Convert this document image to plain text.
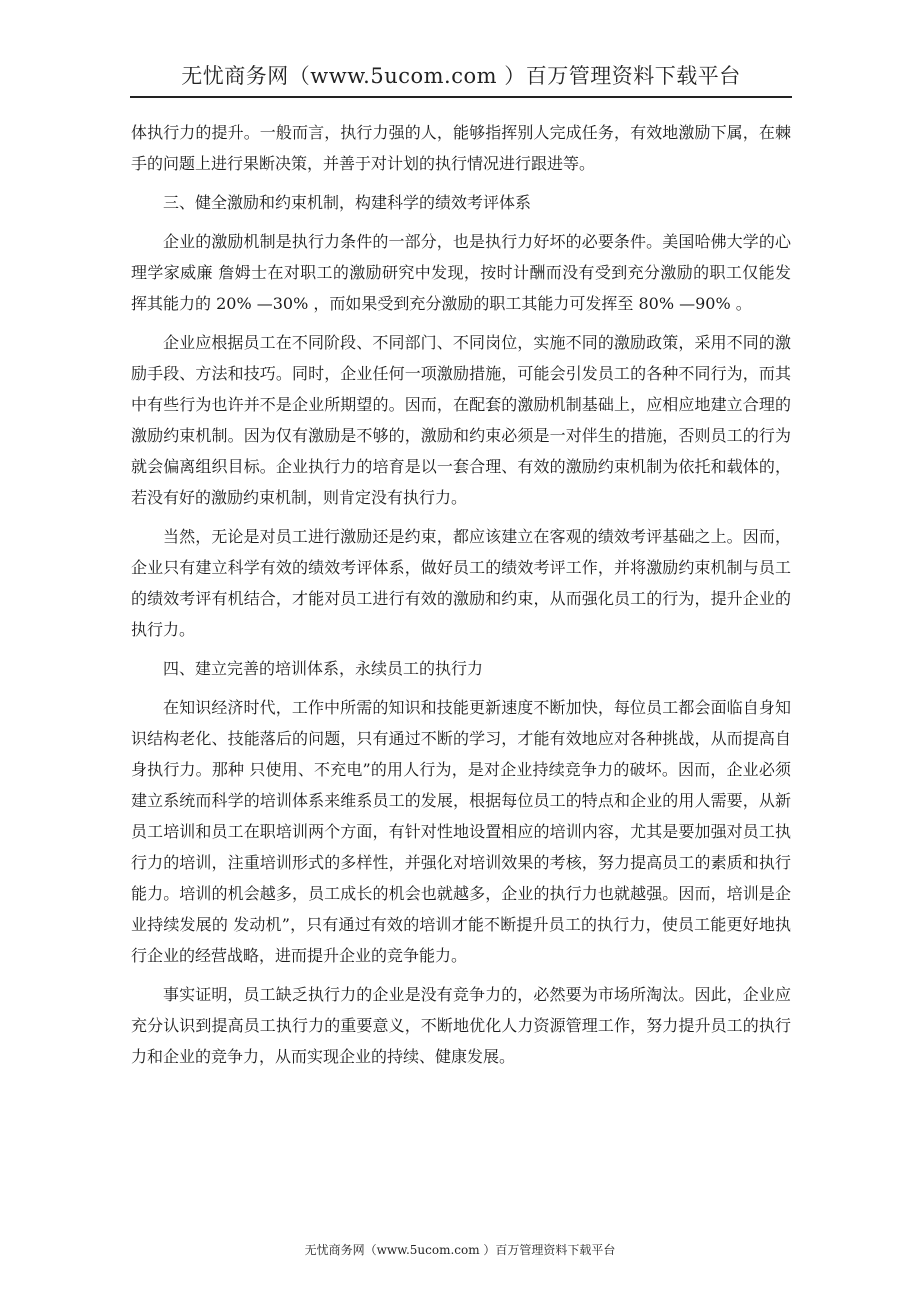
无忧商务网（www.5ucom.com ）百万管理资料下载平台

体执行力的提升。一般而言，执行力强的人，能够指挥别人完成任务，有效地激励下属，在棘手的问题上进行果断决策，并善于对计划的执行情况进行跟进等。

三、健全激励和约束机制，构建科学的绩效考评体系

企业的激励机制是执行力条件的一部分，也是执行力好坏的必要条件。美国哈佛大学的心理学家威廉 詹姆士在对职工的激励研究中发现，按时计酬而没有受到充分激励的职工仅能发挥其能力的 20% —30% ，而如果受到充分激励的职工其能力可发挥至 80% —90% 。

企业应根据员工在不同阶段、不同部门、不同岗位，实施不同的激励政策，采用不同的激励手段、方法和技巧。同时，企业任何一项激励措施，可能会引发员工的各种不同行为，而其中有些行为也许并不是企业所期望的。因而，在配套的激励机制基础上，应相应地建立合理的激励约束机制。因为仅有激励是不够的，激励和约束必须是一对伴生的措施，否则员工的行为就会偏离组织目标。企业执行力的培育是以一套合理、有效的激励约束机制为依托和载体的，若没有好的激励约束机制，则肯定没有执行力。

当然，无论是对员工进行激励还是约束，都应该建立在客观的绩效考评基础之上。因而，企业只有建立科学有效的绩效考评体系，做好员工的绩效考评工作，并将激励约束机制与员工的绩效考评有机结合，才能对员工进行有效的激励和约束，从而强化员工的行为，提升企业的执行力。

四、建立完善的培训体系，永续员工的执行力

在知识经济时代，工作中所需的知识和技能更新速度不断加快，每位员工都会面临自身知识结构老化、技能落后的问题，只有通过不断的学习，才能有效地应对各种挑战，从而提高自身执行力。那种 只使用、不充电”的用人行为，是对企业持续竞争力的破坏。因而，企业必须建立系统而科学的培训体系来维系员工的发展，根据每位员工的特点和企业的用人需要，从新员工培训和员工在职培训两个方面，有针对性地设置相应的培训内容，尤其是要加强对员工执行力的培训，注重培训形式的多样性，并强化对培训效果的考核，努力提高员工的素质和执行能力。培训的机会越多，员工成长的机会也就越多，企业的执行力也就越强。因而，培训是企业持续发展的 发动机”，只有通过有效的培训才能不断提升员工的执行力，使员工能更好地执行企业的经营战略，进而提升企业的竞争能力。

事实证明，员工缺乏执行力的企业是没有竞争力的，必然要为市场所淘汰。因此，企业应充分认识到提高员工执行力的重要意义，不断地优化人力资源管理工作，努力提升员工的执行力和企业的竞争力，从而实现企业的持续、健康发展。

无忧商务网（www.5ucom.com ）百万管理资料下载平台
